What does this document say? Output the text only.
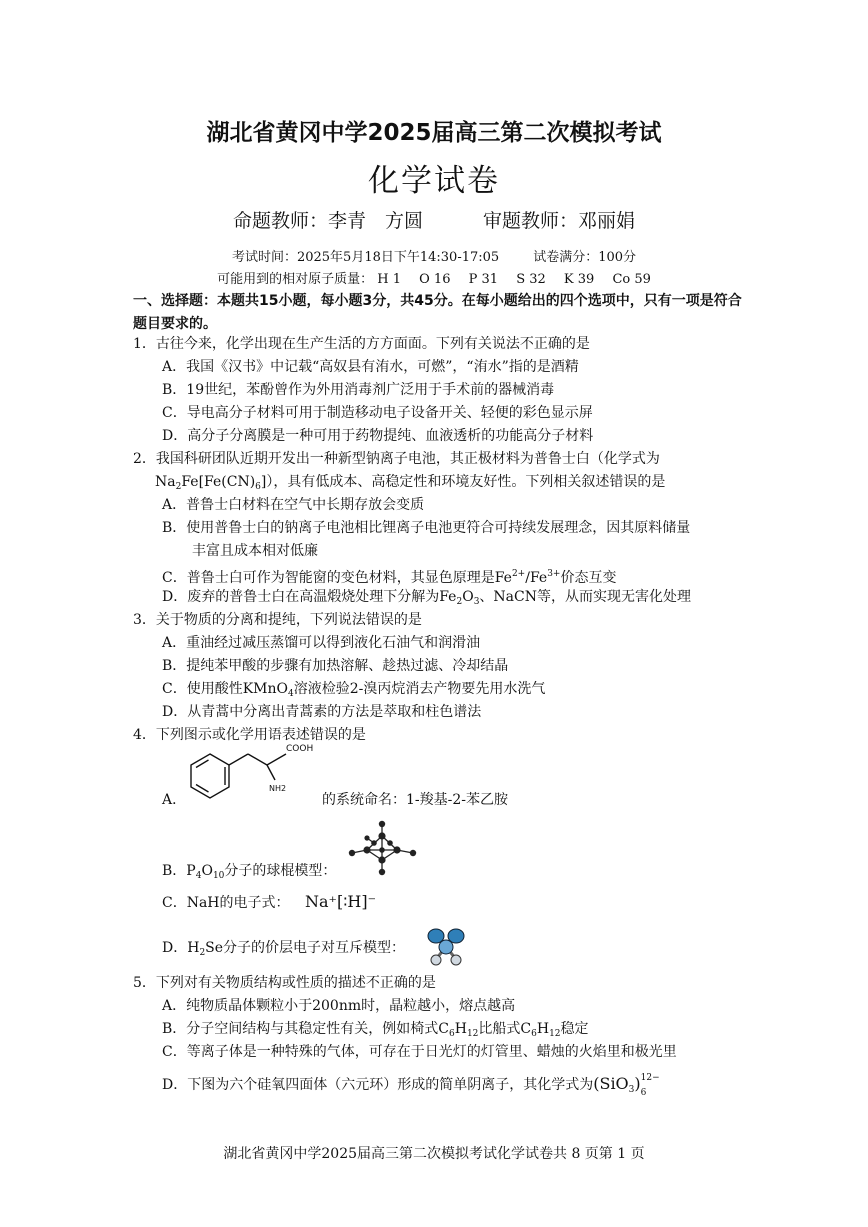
湖北省黄冈中学2025届高三第二次模拟考试
化学试卷
命题教师：李青　方圆	审题教师：邓丽娟
考试时间：2025年5月18日下午14:30-17:05	试卷满分：100分
可能用到的相对原子质量： H 1 O 16 P 31 S 32 K 39 Co 59
一、选择题：本题共15小题，每小题3分，共45分。在每小题给出的四个选项中，只有一项是符合题目要求的。
1．古往今来，化学出现在生产生活的方方面面。下列有关说法不正确的是
A．我国《汉书》中记载“高奴县有洧水，可燃”，“洧水”指的是酒精
B．19世纪，苯酚曾作为外用消毒剂广泛用于手术前的器械消毒
C．导电高分子材料可用于制造移动电子设备开关、轻便的彩色显示屏
D．高分子分离膜是一种可用于药物提纯、血液透析的功能高分子材料
2．我国科研团队近期开发出一种新型钠离子电池，其正极材料为普鲁士白（化学式为
$Na_2Fe[Fe(CN)_6]$），具有低成本、高稳定性和环境友好性。下列相关叙述错误的是
A．普鲁士白材料在空气中长期存放会变质
B．使用普鲁士白的钠离子电池相比锂离子电池更符合可持续发展理念，因其原料储量
丰富且成本相对低廉
C．普鲁士白可作为智能窗的变色材料，其显色原理是$Fe^{2+}/Fe^{3+}$价态互变
D．废弃的普鲁士白在高温煅烧处理下分解为$Fe_2O_3$、NaCN等，从而实现无害化处理
3．关于物质的分离和提纯，下列说法错误的是
A．重油经过减压蒸馏可以得到液化石油气和润滑油
B．提纯苯甲酸的步骤有加热溶解、趁热过滤、冷却结晶
C．使用酸性KMnO$_4$溶液检验2-溴丙烷消去产物要先用水洗气
D．从青蒿中分离出青蒿素的方法是萃取和柱色谱法
4．下列图示或化学用语表述错误的是
A．
COOH
NH2
的系统命名：1-羧基-2-苯乙胺
B．$P_4O_{10}$分子的球棍模型：
C．NaH的电子式： Na⁺[∶H]⁻
D．$H_2Se$分子的价层电子对互斥模型：
5．下列对有关物质结构或性质的描述不正确的是
A．纯物质晶体颗粒小于200nm时，晶粒越小，熔点越高
B．分子空间结构与其稳定性有关，例如椅式$C_6H_{12}$比船式$C_6H_{12}$稳定
C．等离子体是一种特殊的气体，可存在于日光灯的灯管里、蜡烛的火焰里和极光里
D．下图为六个硅氧四面体（六元环）形成的简单阴离子，其化学式为(SiO$_3$) 12−
6
湖北省黄冈中学2025届高三第二次模拟考试化学试卷共 8 页第 1 页
